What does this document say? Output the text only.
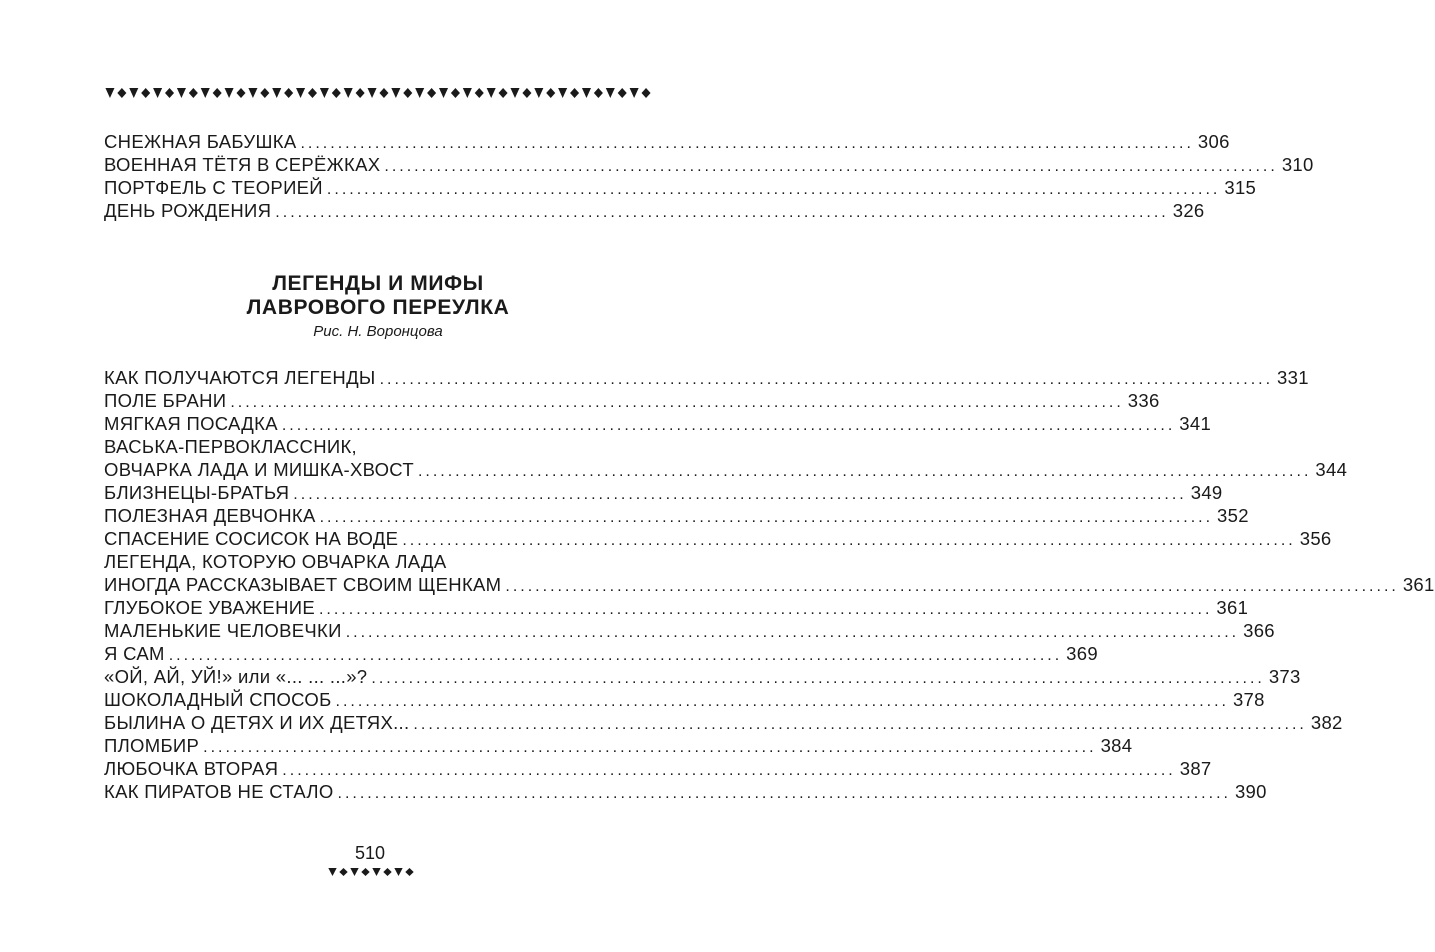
СНЕЖНАЯ БАБУШКА ........................................................................................................................ 306
ВОЕННАЯ ТЁТЯ В СЕРЁЖКАХ ........................................................................................................................ 310
ПОРТФЕЛЬ С ТЕОРИЕЙ ........................................................................................................................ 315
ДЕНЬ РОЖДЕНИЯ ........................................................................................................................ 326
ЛЕГЕНДЫ И МИФЫ
ЛАВРОВОГО ПЕРЕУЛКА
Рис. Н. Воронцова
КАК ПОЛУЧАЮТСЯ ЛЕГЕНДЫ ........................................................................................................................ 331
ПОЛЕ БРАНИ ........................................................................................................................ 336
МЯГКАЯ ПОСАДКА ........................................................................................................................ 341
ВАСЬКА-ПЕРВОКЛАССНИК,
ОВЧАРКА ЛАДА И МИШКА-ХВОСТ ........................................................................................................................ 344
БЛИЗНЕЦЫ-БРАТЬЯ ........................................................................................................................ 349
ПОЛЕЗНАЯ ДЕВЧОНКА ........................................................................................................................ 352
СПАСЕНИЕ СОСИСОК НА ВОДЕ ........................................................................................................................ 356
ЛЕГЕНДА, КОТОРУЮ ОВЧАРКА ЛАДА
ИНОГДА РАССКАЗЫВАЕТ СВОИМ ЩЕНКАМ ........................................................................................................................ 361
ГЛУБОКОЕ УВАЖЕНИЕ ........................................................................................................................ 361
МАЛЕНЬКИЕ ЧЕЛОВЕЧКИ ........................................................................................................................ 366
Я САМ ........................................................................................................................ 369
«ОЙ, АЙ, УЙ!» или «... ... ...»? ........................................................................................................................ 373
ШОКОЛАДНЫЙ СПОСОБ ........................................................................................................................ 378
БЫЛИНА О ДЕТЯХ И ИХ ДЕТЯХ... ........................................................................................................................ 382
ПЛОМБИР ........................................................................................................................ 384
ЛЮБОЧКА ВТОРАЯ ........................................................................................................................ 387
КАК ПИРАТОВ НЕ СТАЛО ........................................................................................................................ 390
510
